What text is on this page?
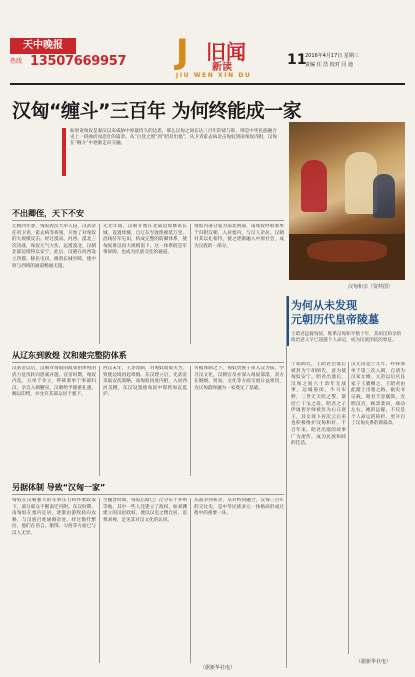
天中晚报
热线 13507669957 J 旧闻
新读
JIU WEN XIN DU
11
2016年4月17日 星期三
责编 任 浩 校对 闫 迪
汉匈“缠斗”三百年 为何终能成一家

如果说匈奴是秦汉以来威胁中原最持久的边患，那么汉匈之间长达三百年的战与和，则是中华民族融合史上一段曲折而悲壮的篇章。从“白登之围”到“昭君出塞”，从卫青霍去病北击匈奴到南匈奴内附，汉匈在“缠斗”中逐渐走向交融。

汉匈和亲（资料图）
不出卿侄，天下不安

元朔四年春，匈奴再次大举入侵，汉武帝任用卫青、霍去病等将领，开始了对匈奴的大规模反击。经过漠南、河西、漠北三次决战，匈奴元气大伤，远遁漠北，汉朝北部边境得以安宁。此后，汉朝在河西设立四郡，移民屯田，修筑长城亭障，使中原与西域的通道畅通无阻。

元光年间，汉朝开始在北部边境修筑长城，设置烽燧，自辽东至敦煌绵延万里。沿线驻军屯田，构成完整的防御体系，使匈奴难以再大规模南下。这一体系既是军事屏障，也成为民族交往的通道。

匈奴内部分裂为南北两部，南匈奴呼韩邪单于归附汉朝，入居塞内，与汉人杂居。汉朝对其以礼相待，使之逐渐融入中原社会，成为汉族的一部分。

从辽东到敦煌 汉和建完整防体系

汉武帝以后，汉朝对匈奴的政策由单纯的武力征伐转向恩威并施。宣帝时期，匈奴内乱，五单于争立，呼韩邪单于率部归汉，亲自入朝觐见，汉朝给予隆重礼遇，赐以印绶，并允许其部众居于塞下。

西汉末年，王莽改制，对匈奴政策失当，致使边境再起烽烟。东汉建立后，光武帝采取安抚策略，南匈奴再度内附，入居西河美稷，东汉设置使匈奴中郎将加以监护。

另据体制之下，匈奴贵族子弟入汉为质，学习汉文化，汉朝官员亦深入匈奴部落，双方在婚姻、贸易、文化等方面交流日益密切，为汉匈最终融为一家奠定了基础。

另据体制 导致“汉匈一家”

匈奴在汉朝强大的军事压力和怀柔政策下，部分部众不断南迁内附。东汉时期，南匈奴在塞内定居，逐渐由游牧转向农耕，与汉族百姓通婚杂处。经过数代繁衍，他们在语言、服饰、习俗等方面已与汉人无异。

至魏晋时期，匈奴后裔已广泛分布于并州等地，其中一些人还建立了政权，如刘渊建立的汉赵政权，便以汉室之甥自居，追尊刘禅，足见其对汉文化的认同。

从战争到和亲，从对峙到融合，汉匈三百年的交往史，是中华民族多元一体格局形成过程中的重要一环。

为何从未发现
元朝历代皇帝陵墓

王昭君远嫁匈奴，维系汉匈和平数十年，其胡汉和亲的政治意义早已超越个人命运，成为民族团结的象征。

宁胡阏氏，王昭君出塞后被封为宁胡阏氏，意为使匈奴安宁。昭君出塞后，汉匈之间六十余年无战事，边城晏闭，牛马布野，三世无犬吠之警，黎庶亡干戈之役。昭君之子伊屠智牙师被封为右日逐王，其女须卜居次云后来也积极维护汉匈和好。千百年来，昭君出塞的故事广为流传，成为民族和睦的佳话。

汉元帝竟宁元年，呼韩邪单于第三次入朝，自请为汉家女婿。元帝以后宫良家子王嫱赐之。王昭君由此踏上出塞之路。据史书记载，昭君丰容靓饰，光明汉宫，顾景裴回，竦动左右。她的远嫁，不仅是个人命运的转折，更开启了汉匈关系的新篇章。

（据新华社电）
（据新华社电）
